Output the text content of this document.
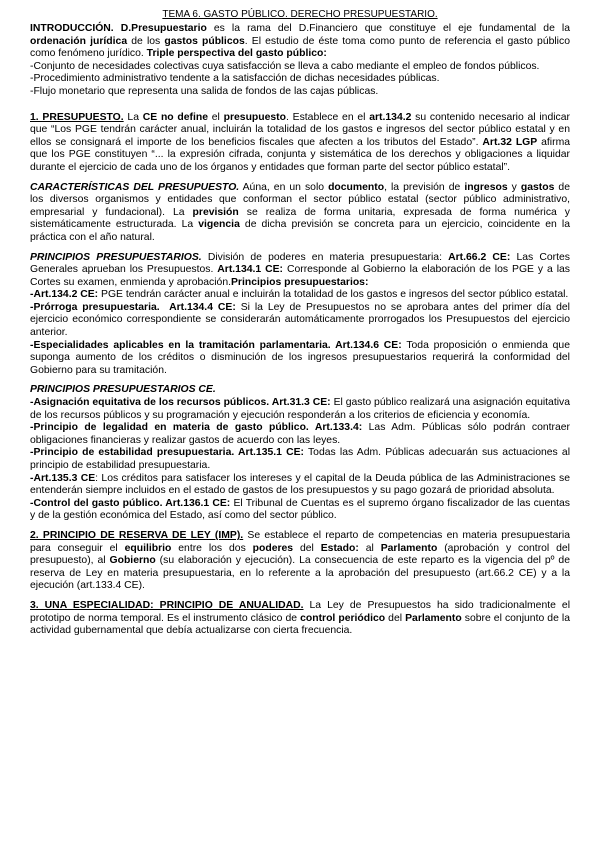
TEMA 6. GASTO PÚBLICO. DERECHO PRESUPUESTARIO.

INTRODUCCIÓN. D.Presupuestario es la rama del D.Financiero que constituye el eje fundamental de la ordenación jurídica de los gastos públicos. El estudio de éste toma como punto de referencia el gasto público como fenómeno jurídico. Triple perspectiva del gasto público:

-Conjunto de necesidades colectivas cuya satisfacción se lleva a cabo mediante el empleo de fondos públicos.

-Procedimiento administrativo tendente a la satisfacción de dichas necesidades públicas.

-Flujo monetario que representa una salida de fondos de las cajas públicas.

1. PRESUPUESTO. La CE no define el presupuesto. Establece en el art.134.2 su contenido necesario al indicar que “Los PGE tendrán carácter anual, incluirán la totalidad de los gastos e ingresos del sector público estatal y en ellos se consignará el importe de los beneficios fiscales que afecten a los tributos del Estado”. Art.32 LGP afirma que los PGE constituyen “... la expresión cifrada, conjunta y sistemática de los derechos y obligaciones a liquidar durante el ejercicio de cada uno de los órganos y entidades que forman parte del sector público estatal”.

CARACTERÍSTICAS DEL PRESUPUESTO. Aúna, en un solo documento, la previsión de ingresos y gastos de los diversos organismos y entidades que conforman el sector público estatal (sector público administrativo, empresarial y fundacional). La previsión se realiza de forma unitaria, expresada de forma numérica y sistemáticamente estructurada. La vigencia de dicha previsión se concreta para un ejercicio, coincidente en la práctica con el año natural.

PRINCIPIOS PRESUPUESTARIOS. División de poderes en materia presupuestaria: Art.66.2 CE: Las Cortes Generales aprueban los Presupuestos. Art.134.1 CE: Corresponde al Gobierno la elaboración de los PGE y a las Cortes su examen, enmienda y aprobación.Principios presupuestarios:

-Art.134.2 CE: PGE tendrán carácter anual e incluirán la totalidad de los gastos e ingresos del sector público estatal.

-Prórroga presupuestaria.  Art.134.4 CE: Si la Ley de Presupuestos no se aprobara antes del primer día del ejercicio económico correspondiente se considerarán automáticamente prorrogados los Presupuestos del ejercicio anterior.

-Especialidades aplicables en la tramitación parlamentaria. Art.134.6 CE: Toda proposición o enmienda que suponga aumento de los créditos o disminución de los ingresos presupuestarios requerirá la conformidad del Gobierno para su tramitación.

PRINCIPIOS PRESUPUESTARIOS CE.

-Asignación equitativa de los recursos públicos. Art.31.3 CE: El gasto público realizará una asignación equitativa de los recursos públicos y su programación y ejecución responderán a los criterios de eficiencia y economía.

-Principio de legalidad en materia de gasto público. Art.133.4: Las Adm. Públicas sólo podrán contraer obligaciones financieras y realizar gastos de acuerdo con las leyes.

-Principio de estabilidad presupuestaria. Art.135.1 CE: Todas las Adm. Públicas adecuarán sus actuaciones al principio de estabilidad presupuestaria.

-Art.135.3 CE: Los créditos para satisfacer los intereses y el capital de la Deuda pública de las Administraciones se entenderán siempre incluidos en el estado de gastos de los presupuestos y su pago gozará de prioridad absoluta.

-Control del gasto público. Art.136.1 CE: El Tribunal de Cuentas es el supremo órgano fiscalizador de las cuentas y de la gestión económica del Estado, así como del sector público.

2. PRINCIPIO DE RESERVA DE LEY (IMP). Se establece el reparto de competencias en materia presupuestaria para conseguir el equilibrio entre los dos poderes del Estado: al Parlamento (aprobación y control del presupuesto), al Gobierno (su elaboración y ejecución). La consecuencia de este reparto es la vigencia del pº de reserva de Ley en materia presupuestaria, en lo referente a la aprobación del presupuesto (art.66.2 CE) y a la ejecución (art.133.4 CE).

3. UNA ESPECIALIDAD: PRINCIPIO DE ANUALIDAD. La Ley de Presupuestos ha sido tradicionalmente el prototipo de norma temporal. Es el instrumento clásico de control periódico del Parlamento sobre el conjunto de la actividad gubernamental que debía actualizarse con cierta frecuencia.
